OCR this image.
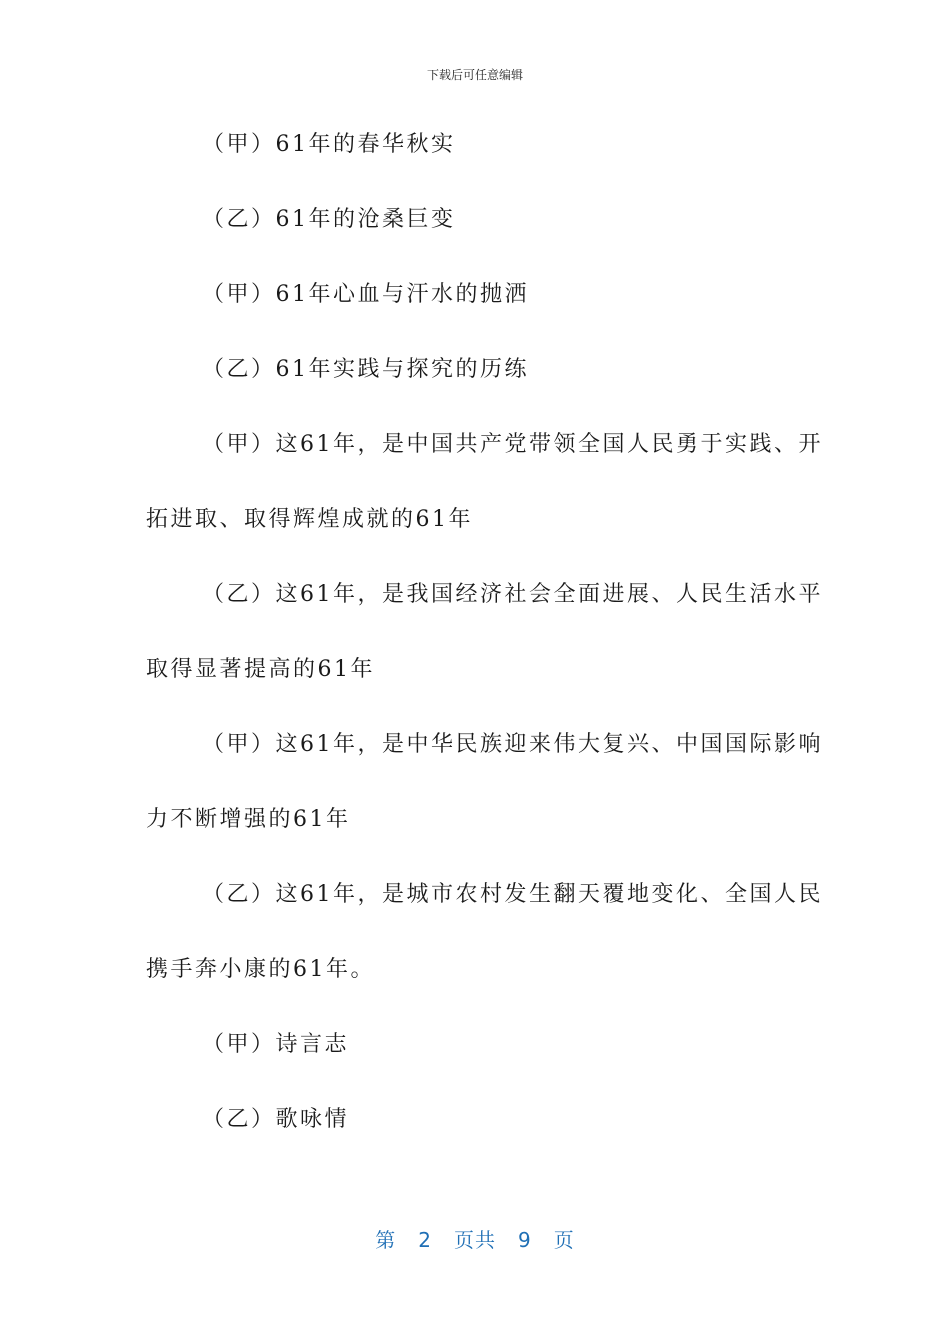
下载后可任意编辑
（甲）61年的春华秋实
（乙）61年的沧桑巨变
（甲）61年心血与汗水的抛洒
（乙）61年实践与探究的历练
（甲）这61年，是中国共产党带领全国人民勇于实践、开
拓进取、取得辉煌成就的61年
（乙）这61年，是我国经济社会全面进展、人民生活水平
取得显著提高的61年
（甲）这61年，是中华民族迎来伟大复兴、中国国际影响
力不断增强的61年
（乙）这61年，是城市农村发生翻天覆地变化、全国人民
携手奔小康的61年。
（甲）诗言志
（乙）歌咏情
第 2 页共 9 页
